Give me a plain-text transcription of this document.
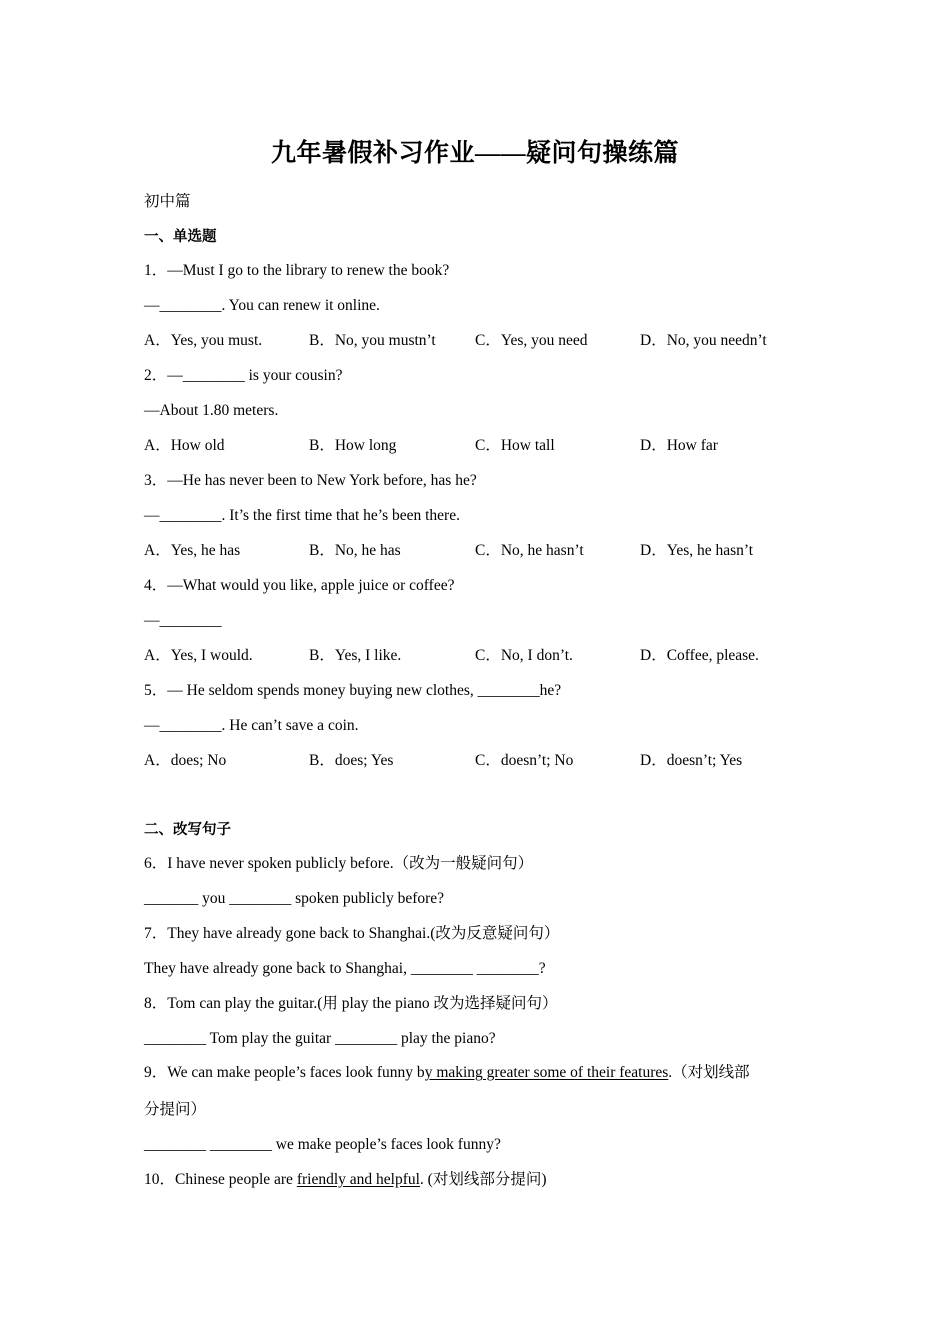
九年暑假补习作业——疑问句操练篇
初中篇
一、单选题
1．—Must I go to the library to renew the book?
—________. You can renew it online.
A．Yes, you must.	B．No, you mustn’t	C．Yes, you need	D．No, you needn’t
2．—________ is your cousin?
—About 1.80 meters.
A．How old	B．How long	C．How tall	D．How far
3．—He has never been to New York before, has he?
—________. It’s the first time that he’s been there.
A．Yes, he has	B．No, he has	C．No, he hasn’t	D．Yes, he hasn’t
4．—What would you like, apple juice or coffee?
—________
A．Yes, I would.	B．Yes, I like.	C．No, I don’t.	D．Coffee, please.
5．— He seldom spends money buying new clothes, ________he?
—________. He can’t save a coin.
A．does; No	B．does; Yes	C．doesn’t; No	D．doesn’t; Yes
二、改写句子
6．I have never spoken publicly before.（改为一般疑问句）
_______ you ________ spoken publicly before?
7．They have already gone back to Shanghai.(改为反意疑问句）
They have already gone back to Shanghai, ________ ________?
8．Tom can play the guitar.(用 play the piano 改为选择疑问句）
________ Tom play the guitar ________ play the piano?
9．We can make people’s faces look funny by making greater some of their features.（对划线部
分提问）
________ ________ we make people’s faces look funny?
10．Chinese people are friendly and helpful. (对划线部分提问)
